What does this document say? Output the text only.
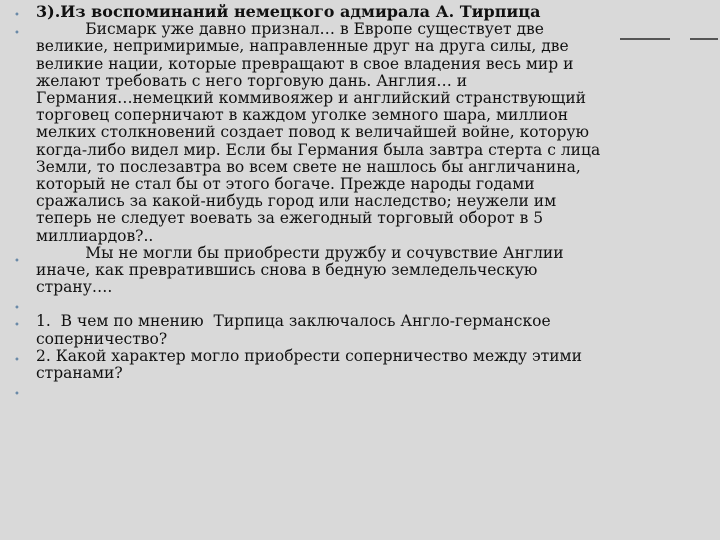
• 3).Из воспоминаний немецкого адмирала А. Тирпица
• Бисмарк уже давно признал… в Европе существует две
великие, непримиримые, направленные друг на друга силы, две
великие нации, которые превращают в свое владения весь мир и
желают требовать с него торговую дань. Англия… и
Германия…немецкий коммивояжер и английский странствующий
торговец соперничают в каждом уголке земного шара, миллион
мелких столкновений создает повод к величайшей войне, которую
когда-либо видел мир. Если бы Германия была завтра стерта с лица
Земли, то послезавтра во всем свете не нашлось бы англичанина,
который не стал бы от этого богаче. Прежде народы годами
сражались за какой-нибудь город или наследство; неужели им
теперь не следует воевать за ежегодный торговый оборот в 5
миллиардов?..
• Мы не могли бы приобрести дружбу и сочувствие Англии
иначе, как превратившись снова в бедную земледельческую
страну….
•
• 1.  В чем по мнению  Тирпица заключалось Англо-германское
соперничество?
• 2. Какой характер могло приобрести соперничество между этими
странами?
•
